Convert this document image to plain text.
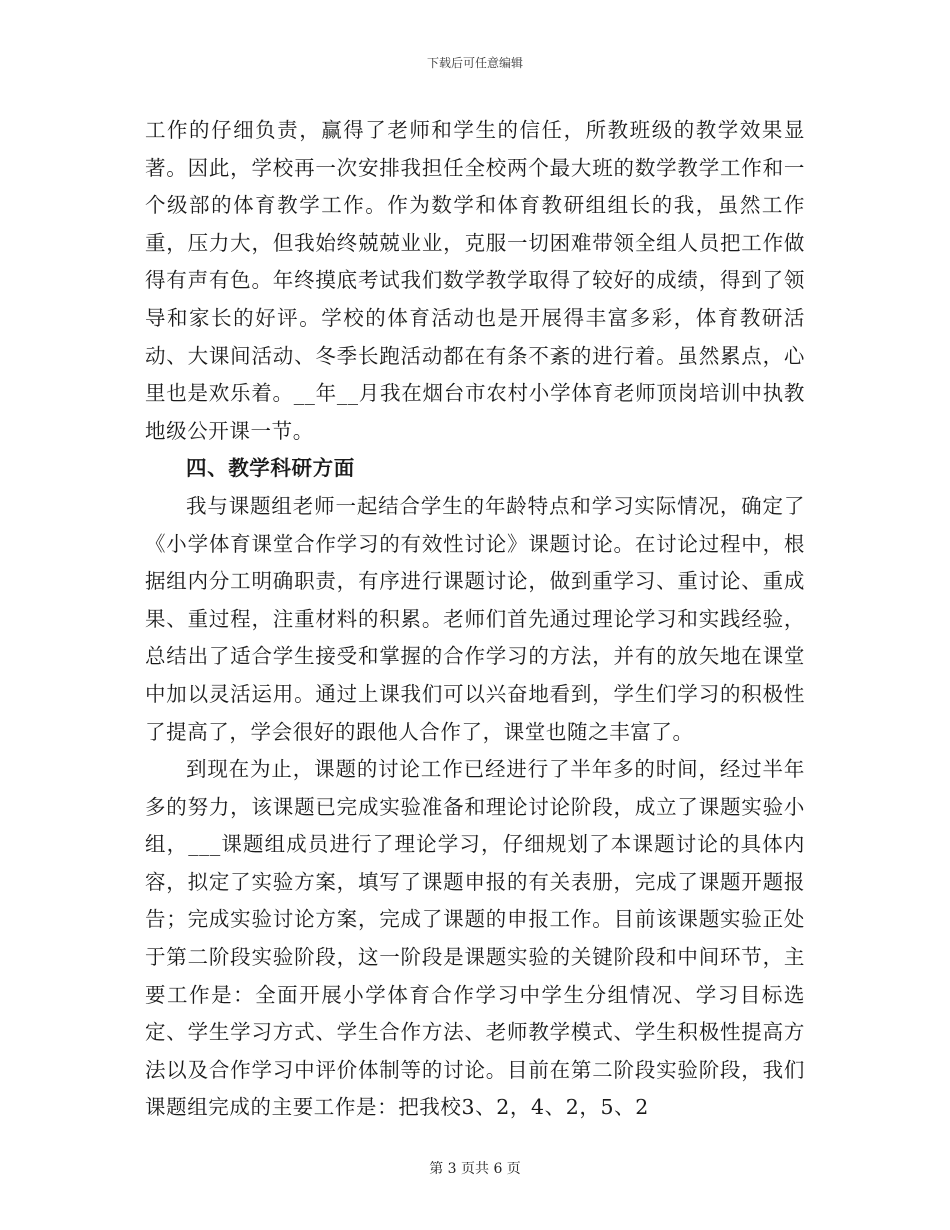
下载后可任意编辑

工作的仔细负责，赢得了老师和学生的信任，所教班级的教学效果显著。因此，学校再一次安排我担任全校两个最大班的数学教学工作和一个级部的体育教学工作。作为数学和体育教研组组长的我，虽然工作重，压力大，但我始终兢兢业业，克服一切困难带领全组人员把工作做得有声有色。年终摸底考试我们数学教学取得了较好的成绩，得到了领导和家长的好评。学校的体育活动也是开展得丰富多彩，体育教研活动、大课间活动、冬季长跑活动都在有条不紊的进行着。虽然累点，心里也是欢乐着。__年__月我在烟台市农村小学体育老师顶岗培训中执教地级公开课一节。

四、教学科研方面

我与课题组老师一起结合学生的年龄特点和学习实际情况，确定了《小学体育课堂合作学习的有效性讨论》课题讨论。在讨论过程中，根据组内分工明确职责，有序进行课题讨论，做到重学习、重讨论、重成果、重过程，注重材料的积累。老师们首先通过理论学习和实践经验，总结出了适合学生接受和掌握的合作学习的方法，并有的放矢地在课堂中加以灵活运用。通过上课我们可以兴奋地看到，学生们学习的积极性了提高了，学会很好的跟他人合作了，课堂也随之丰富了。

到现在为止，课题的讨论工作已经进行了半年多的时间，经过半年多的努力，该课题已完成实验准备和理论讨论阶段，成立了课题实验小组，___课题组成员进行了理论学习，仔细规划了本课题讨论的具体内容，拟定了实验方案，填写了课题申报的有关表册，完成了课题开题报告；完成实验讨论方案，完成了课题的申报工作。目前该课题实验正处于第二阶段实验阶段，这一阶段是课题实验的关键阶段和中间环节，主要工作是：全面开展小学体育合作学习中学生分组情况、学习目标选定、学生学习方式、学生合作方法、老师教学模式、学生积极性提高方法以及合作学习中评价体制等的讨论。目前在第二阶段实验阶段，我们课题组完成的主要工作是：把我校3、2，4、2，5、2

第 3 页共 6 页
